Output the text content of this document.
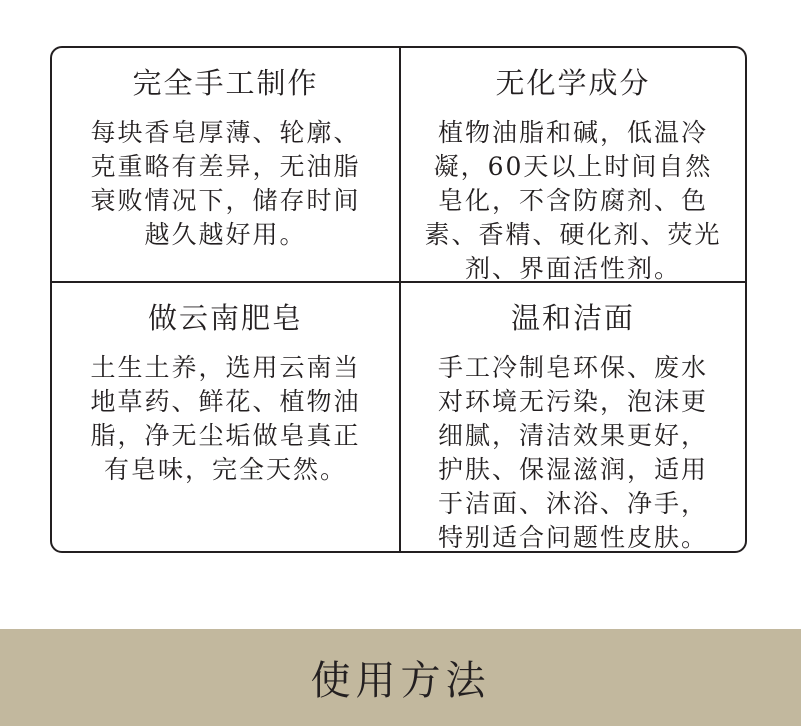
完全手工制作
每块香皂厚薄、轮廓、
克重略有差异，无油脂
衰败情况下，储存时间
越久越好用。
无化学成分
植物油脂和碱，低温冷
凝，60天以上时间自然
皂化，不含防腐剂、色
素、香精、硬化剂、荧光
剂、界面活性剂。
做云南肥皂
土生土养，选用云南当
地草药、鲜花、植物油
脂，净无尘垢做皂真正
有皂味，完全天然。
温和洁面
手工冷制皂环保、废水
对环境无污染，泡沫更
细腻，清洁效果更好，
护肤、保湿滋润，适用
于洁面、沐浴、净手，
特别适合问题性皮肤。
使用方法
